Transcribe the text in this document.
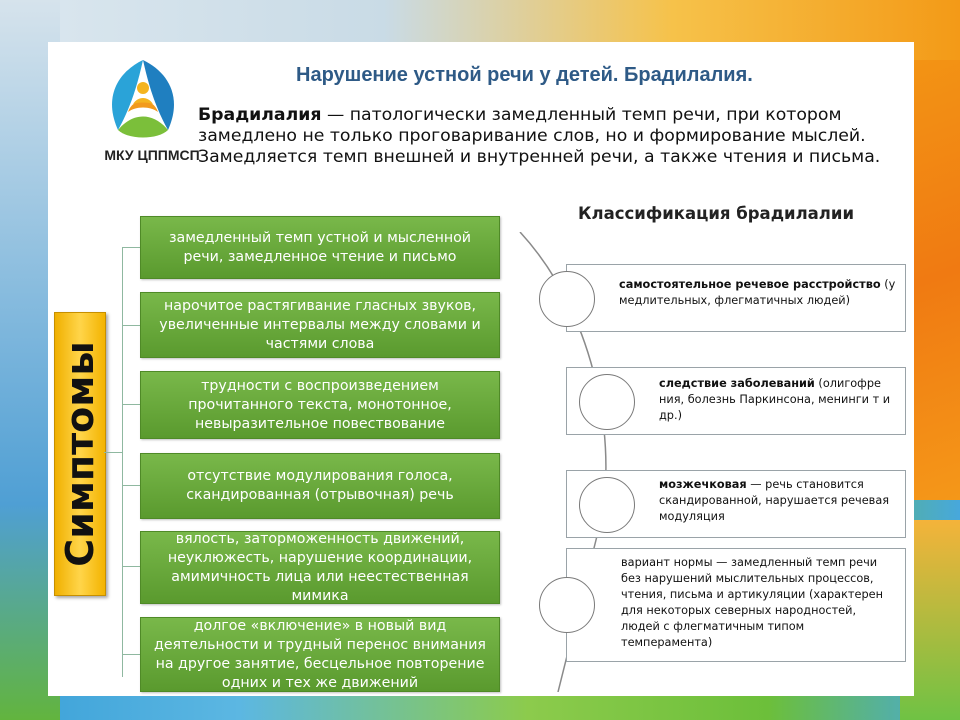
МКУ ЦППМСП
Нарушение устной речи у детей. Брадилалия.
Брадилалия — патологически замедленный темп речи, при котором замедлено не только проговаривание слов, но и формирование мыслей. Замедляется темп внешней и внутренней речи, а также чтения и письма.
Классификация брадилалии
Симптомы
замедленный темп устной и мысленной речи, замедленное чтение и письмо
нарочитое растягивание гласных звуков, увеличенные интервалы между словами и частями слова
трудности с воспроизведением прочитанного текста, монотонное, невыразительное повествование
отсутствие модулирования голоса, скандированная (отрывочная) речь
вялость, заторможенность движений, неуклюжесть, нарушение координации, амимичность лица или неестественная мимика
долгое «включение» в новый вид деятельности и трудный перенос внимания на другое занятие, бесцельное повторение одних и тех же движений
самостоятельное речевое расстройство (у медлительных, флегматичных людей)
следствие заболеваний (олигофре ния, болезнь Паркинсона, менинги т и др.)
мозжечковая — речь становится скандированной, нарушается речевая модуляция
вариант нормы — замедленный темп речи без нарушений мыслительных процессов, чтения, письма и артикуляции (характерен для некоторых северных народностей, людей с флегматичным типом темперамента)
